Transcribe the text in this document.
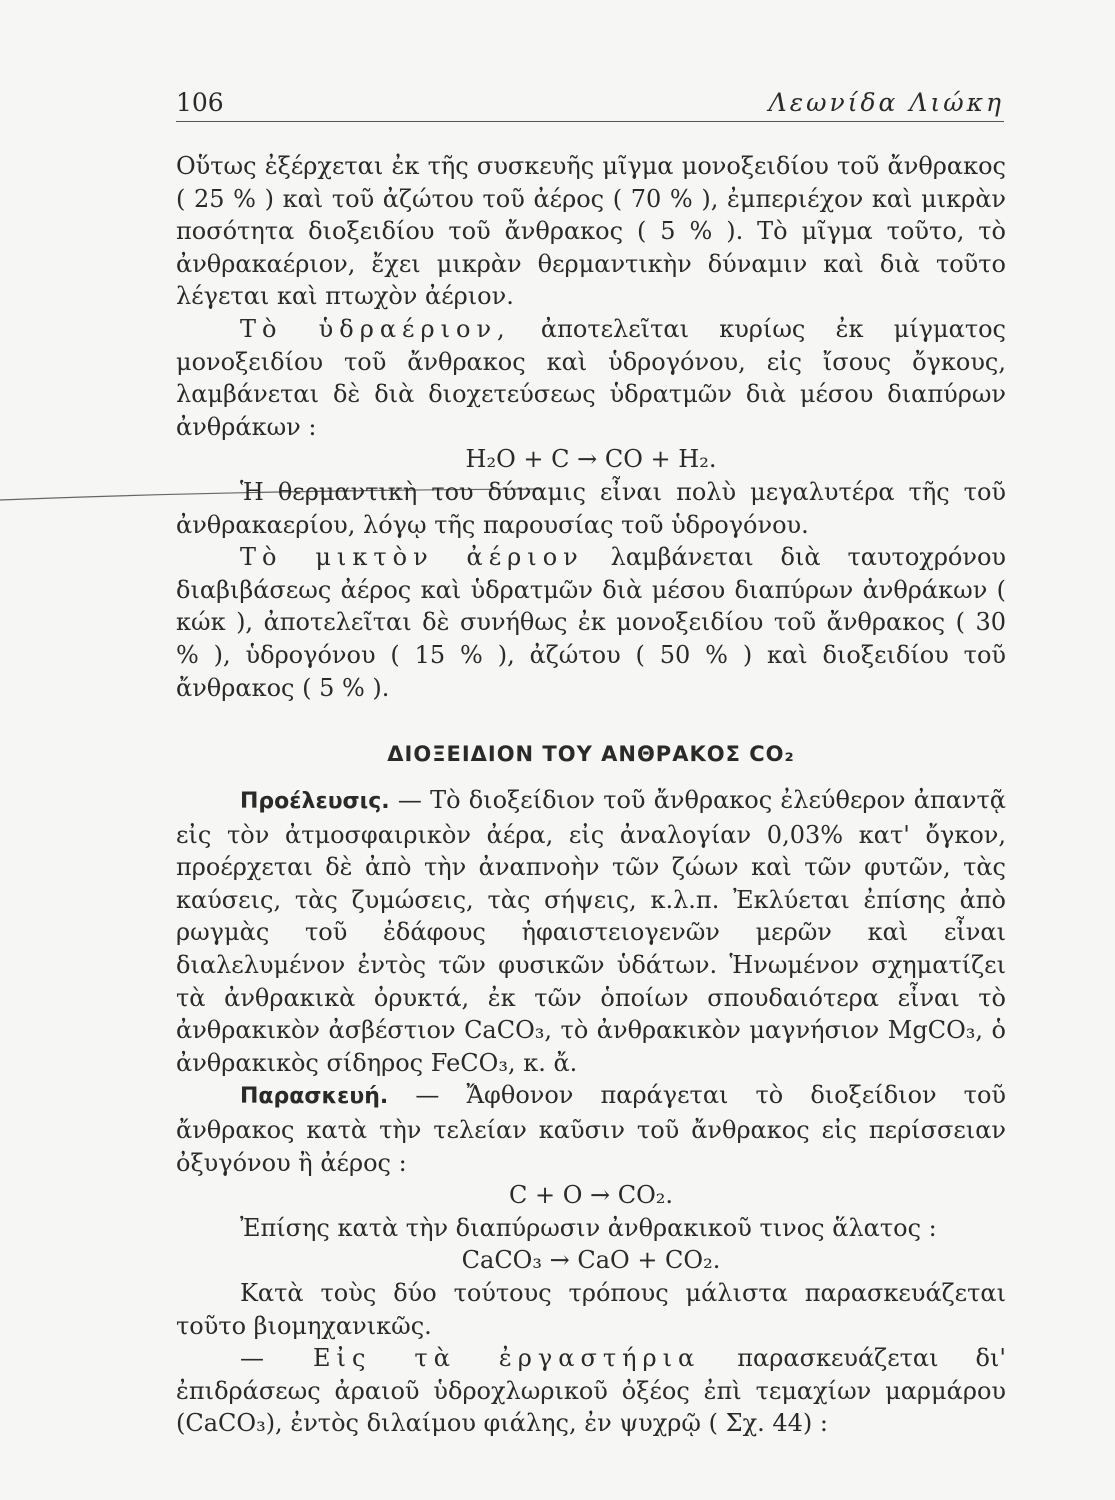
106	Λεωνίδα Λιώκη

Οὕτως ἐξέρχεται ἐκ τῆς συσκευῆς μῖγμα μονοξειδίου τοῦ ἄνθρακος ( 25 % ) καὶ τοῦ ἀζώτου τοῦ ἀέρος ( 70 % ), ἐμπεριέχον καὶ μικρὰν ποσότητα διοξειδίου τοῦ ἄνθρακος ( 5 % ). Τὸ μῖγμα τοῦτο, τὸ ἀνθρακαέριον, ἔχει μικρὰν θερμαντικὴν δύναμιν καὶ διὰ τοῦτο λέγεται καὶ πτωχὸν ἀέριον.

Τὸ ὑδραέριον, ἀποτελεῖται κυρίως ἐκ μίγματος μονοξειδίου τοῦ ἄνθρακος καὶ ὑδρογόνου, εἰς ἴσους ὄγκους, λαμβάνεται δὲ διὰ διοχετεύσεως ὑδρατμῶν διὰ μέσου διαπύρων ἀνθράκων :

H₂O + C → CO + H₂.

Ἡ θερμαντικὴ του δύναμις εἶναι πολὺ μεγαλυτέρα τῆς τοῦ ἀνθρακαερίου, λόγῳ τῆς παρουσίας τοῦ ὑδρογόνου.

Τὸ μικτὸν ἀέριον λαμβάνεται διὰ ταυτοχρόνου διαβιβάσεως ἀέρος καὶ ὑδρατμῶν διὰ μέσου διαπύρων ἀνθράκων ( κώκ ), ἀποτελεῖται δὲ συνήθως ἐκ μονοξειδίου τοῦ ἄνθρακος ( 30 % ), ὑδρογόνου ( 15 % ), ἀζώτου ( 50 % ) καὶ διοξειδίου τοῦ ἄνθρακος ( 5 % ).

ΔΙΟΞΕΙΔΙΟΝ ΤΟΥ ΑΝΘΡΑΚΟΣ CO₂

Προέλευσις. — Τὸ διοξείδιον τοῦ ἄνθρακος ἐλεύθερον ἀπαντᾷ εἰς τὸν ἀτμοσφαιρικὸν ἀέρα, εἰς ἀναλογίαν 0,03% κατ' ὄγκον, προέρχεται δὲ ἀπὸ τὴν ἀναπνοὴν τῶν ζώων καὶ τῶν φυτῶν, τὰς καύσεις, τὰς ζυμώσεις, τὰς σήψεις, κ.λ.π. Ἐκλύεται ἐπίσης ἀπὸ ρωγμὰς τοῦ ἐδάφους ἡφαιστειογενῶν μερῶν καὶ εἶναι διαλελυμένον ἐντὸς τῶν φυσικῶν ὑδάτων. Ἡνωμένον σχηματίζει τὰ ἀνθρακικὰ ὀρυκτά, ἐκ τῶν ὁποίων σπουδαιότερα εἶναι τὸ ἀνθρακικὸν ἀσβέστιον CaCO₃, τὸ ἀνθρακικὸν μαγνήσιον MgCO₃, ὁ ἀνθρακικὸς σίδηρος FeCO₃, κ. ἄ.

Παρασκευή. — Ἄφθονον παράγεται τὸ διοξείδιον τοῦ ἄνθρακος κατὰ τὴν τελείαν καῦσιν τοῦ ἄνθρακος εἰς περίσσειαν ὀξυγόνου ἢ ἀέρος :

C + O → CO₂.

Ἐπίσης κατὰ τὴν διαπύρωσιν ἀνθρακικοῦ τινος ἅλατος :

CaCO₃ → CaO + CO₂.

Κατὰ τοὺς δύο τούτους τρόπους μάλιστα παρασκευάζεται τοῦτο βιομηχανικῶς.

— Εἰς τὰ ἐργαστήρια παρασκευάζεται δι' ἐπιδράσεως ἀραιοῦ ὑδροχλωρικοῦ ὀξέος ἐπὶ τεμαχίων μαρμάρου (CaCO₃), ἐντὸς διλαίμου φιάλης, ἐν ψυχρῷ ( Σχ. 44) :
